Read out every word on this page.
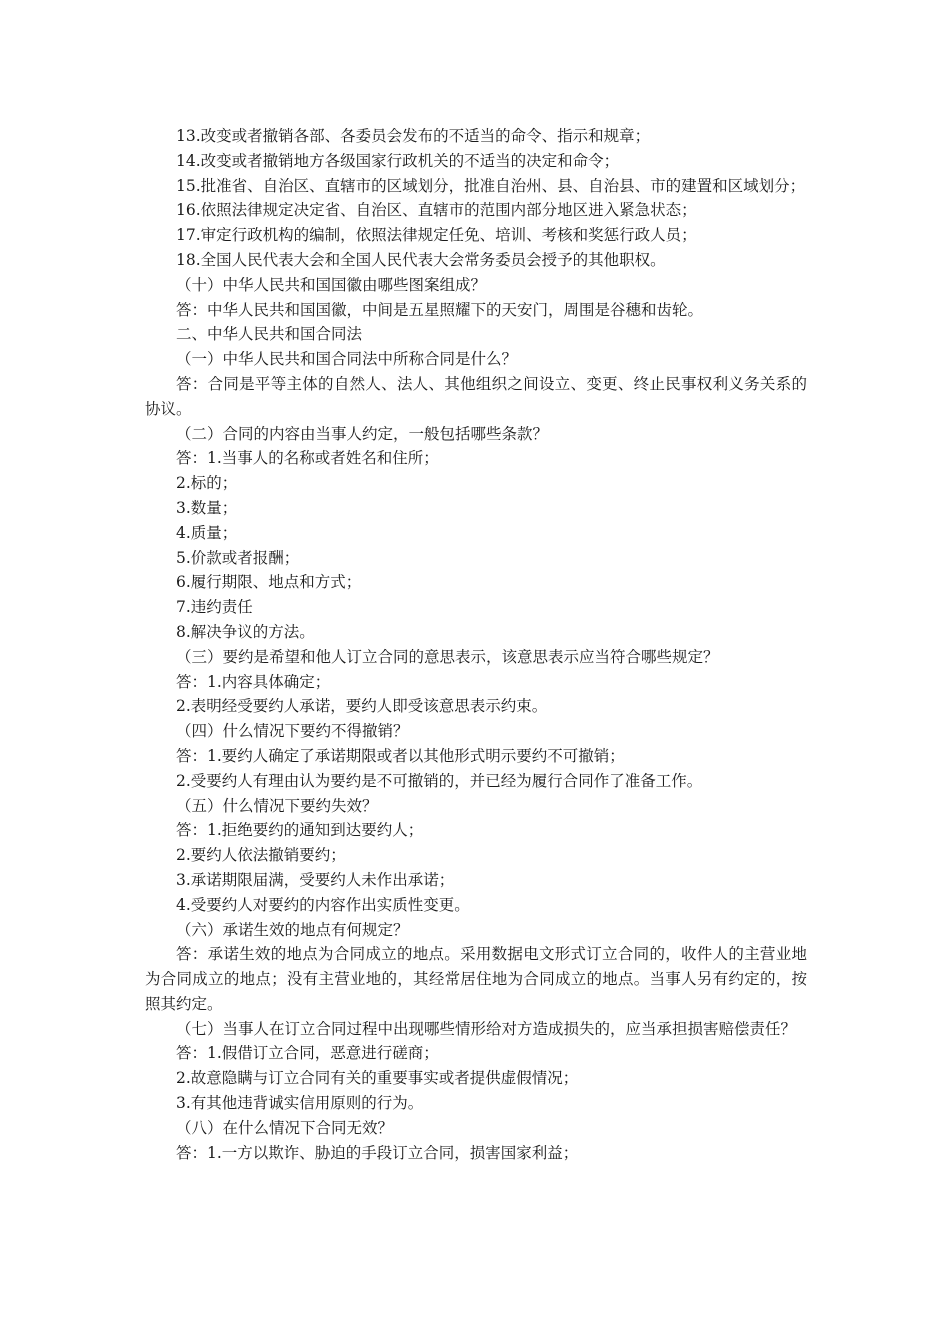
13.改变或者撤销各部、各委员会发布的不适当的命令、指示和规章；

14.改变或者撤销地方各级国家行政机关的不适当的决定和命令；

15.批准省、自治区、直辖市的区域划分，批准自治州、县、自治县、市的建置和区域划分；

16.依照法律规定决定省、自治区、直辖市的范围内部分地区进入紧急状态；

17.审定行政机构的编制，依照法律规定任免、培训、考核和奖惩行政人员；

18.全国人民代表大会和全国人民代表大会常务委员会授予的其他职权。

（十）中华人民共和国国徽由哪些图案组成？

答：中华人民共和国国徽，中间是五星照耀下的天安门，周围是谷穗和齿轮。

二、中华人民共和国合同法

（一）中华人民共和国合同法中所称合同是什么？

答：合同是平等主体的自然人、法人、其他组织之间设立、变更、终止民事权利义务关系的协议。

（二）合同的内容由当事人约定，一般包括哪些条款？

答：1.当事人的名称或者姓名和住所；

2.标的；

3.数量；

4.质量；

5.价款或者报酬；

6.履行期限、地点和方式；

7.违约责任

8.解决争议的方法。

（三）要约是希望和他人订立合同的意思表示，该意思表示应当符合哪些规定？

答：1.内容具体确定；

2.表明经受要约人承诺，要约人即受该意思表示约束。

（四）什么情况下要约不得撤销？

答：1.要约人确定了承诺期限或者以其他形式明示要约不可撤销；

2.受要约人有理由认为要约是不可撤销的，并已经为履行合同作了准备工作。

（五）什么情况下要约失效？

答：1.拒绝要约的通知到达要约人；

2.要约人依法撤销要约；

3.承诺期限届满，受要约人未作出承诺；

4.受要约人对要约的内容作出实质性变更。

（六）承诺生效的地点有何规定？

答：承诺生效的地点为合同成立的地点。采用数据电文形式订立合同的，收件人的主营业地为合同成立的地点；没有主营业地的，其经常居住地为合同成立的地点。当事人另有约定的，按照其约定。

（七）当事人在订立合同过程中出现哪些情形给对方造成损失的，应当承担损害赔偿责任？

答：1.假借订立合同，恶意进行磋商；

2.故意隐瞒与订立合同有关的重要事实或者提供虚假情况；

3.有其他违背诚实信用原则的行为。

（八）在什么情况下合同无效？

答：1.一方以欺诈、胁迫的手段订立合同，损害国家利益；
